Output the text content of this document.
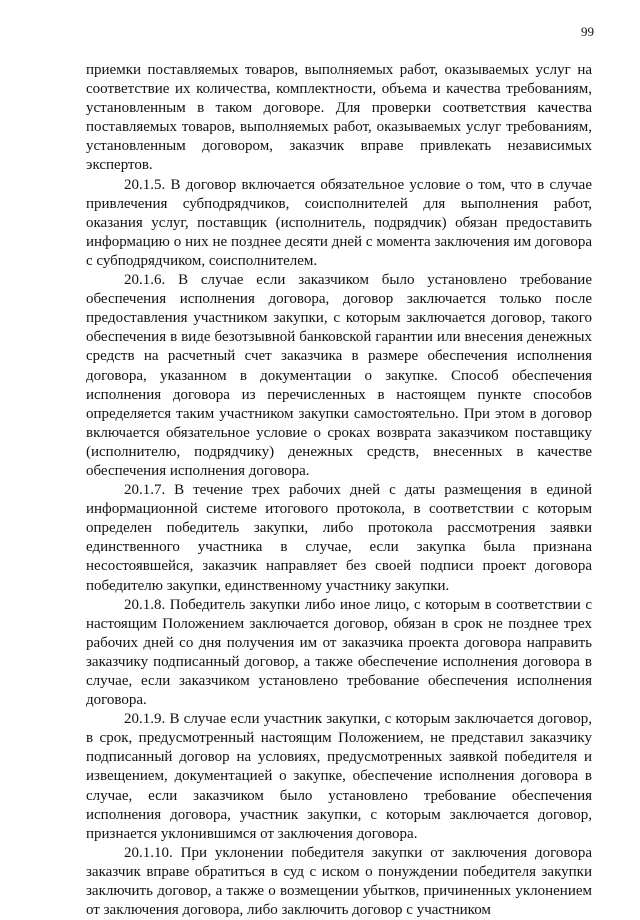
99

приемки поставляемых товаров, выполняемых работ, оказываемых услуг на соответствие их количества, комплектности, объема и качества требованиям, установленным в таком договоре. Для проверки соответствия качества поставляемых товаров, выполняемых работ, оказываемых услуг требованиям, установленным договором, заказчик вправе привлекать независимых экспертов.

20.1.5. В договор включается обязательное условие о том, что в случае привлечения субподрядчиков, соисполнителей для выполнения работ, оказания услуг, поставщик (исполнитель, подрядчик) обязан предоставить информацию о них не позднее десяти дней с момента заключения им договора с субподрядчиком, соисполнителем.

20.1.6. В случае если заказчиком было установлено требование обеспечения исполнения договора, договор заключается только после предоставления участником закупки, с которым заключается договор, такого обеспечения в виде безотзывной банковской гарантии или внесения денежных средств на расчетный счет заказчика в размере обеспечения исполнения договора, указанном в документации о закупке. Способ обеспечения исполнения договора из перечисленных в настоящем пункте способов определяется таким участником закупки самостоятельно. При этом в договор включается обязательное условие о сроках возврата заказчиком поставщику (исполнителю, подрядчику) денежных средств, внесенных в качестве обеспечения исполнения договора.

20.1.7. В течение трех рабочих дней с даты размещения в единой информационной системе итогового протокола, в соответствии с которым определен победитель закупки, либо протокола рассмотрения заявки единственного участника в случае, если закупка была признана несостоявшейся, заказчик направляет без своей подписи проект договора победителю закупки, единственному участнику закупки.

20.1.8. Победитель закупки либо иное лицо, с которым в соответствии с настоящим Положением заключается договор, обязан в срок не позднее трех рабочих дней со дня получения им от заказчика проекта договора направить заказчику подписанный договор, а также обеспечение исполнения договора в случае, если заказчиком установлено требование обеспечения исполнения договора.

20.1.9. В случае если участник закупки, с которым заключается договор, в срок, предусмотренный настоящим Положением, не представил заказчику подписанный договор на условиях, предусмотренных заявкой победителя и извещением, документацией о закупке, обеспечение исполнения договора в случае, если заказчиком было установлено требование обеспечения исполнения договора, участник закупки, с которым заключается договор, признается уклонившимся от заключения договора.

20.1.10. При уклонении победителя закупки от заключения договора заказчик вправе обратиться в суд с иском о понуждении победителя закупки заключить договор, а также о возмещении убытков, причиненных уклонением от заключения договора, либо заключить договор с участником
